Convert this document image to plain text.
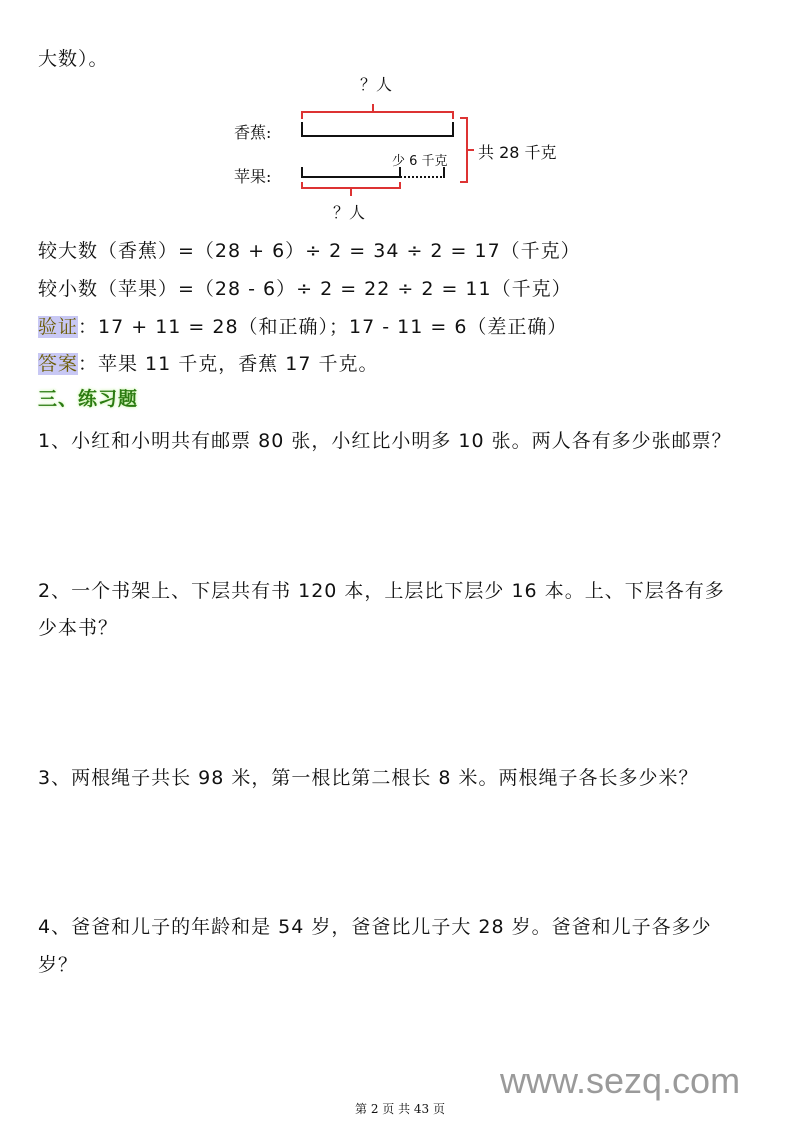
大数）。
？人
香蕉:
苹果:
少 6 千克 共 28 千克
？人
较大数（香蕉）=（28 + 6）÷ 2 = 34 ÷ 2 = 17（千克）
较小数（苹果）=（28 - 6）÷ 2 = 22 ÷ 2 = 11（千克）
验证：17 + 11 = 28（和正确）；17 - 11 = 6（差正确）
答案：苹果 11 千克，香蕉 17 千克。
三、练习题
1、小红和小明共有邮票 80 张，小红比小明多 10 张。两人各有多少张邮票？
2、一个书架上、下层共有书 120 本，上层比下层少 16 本。上、下层各有多
少本书？
3、两根绳子共长 98 米，第一根比第二根长 8 米。两根绳子各长多少米？
4、爸爸和儿子的年龄和是 54 岁，爸爸比儿子大 28 岁。爸爸和儿子各多少
岁？
www.sezq.com
第 2 页 共 43 页
